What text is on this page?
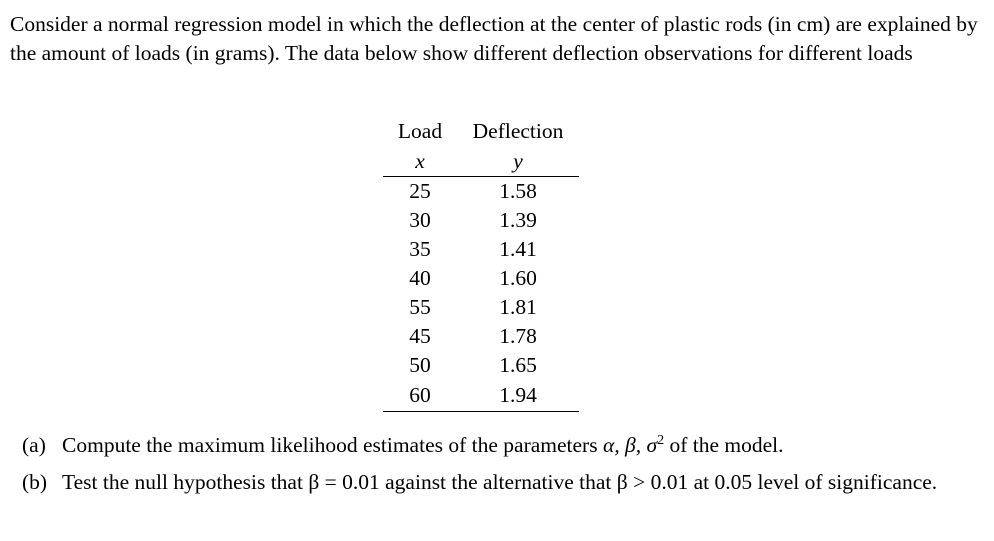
Consider a normal regression model in which the deflection at the center of plastic rods (in cm) are explained by the amount of loads (in grams). The data below show different deflection observations for different loads
Load	Deflection
x	y
25	1.58
30	1.39
35	1.41
40	1.60
55	1.81
45	1.78
50	1.65
60	1.94
(a) Compute the maximum likelihood estimates of the parameters α, β, $\sigma^2$ of the model.
(b) Test the null hypothesis that β = 0.01 against the alternative that β > 0.01 at 0.05 level of significance.
